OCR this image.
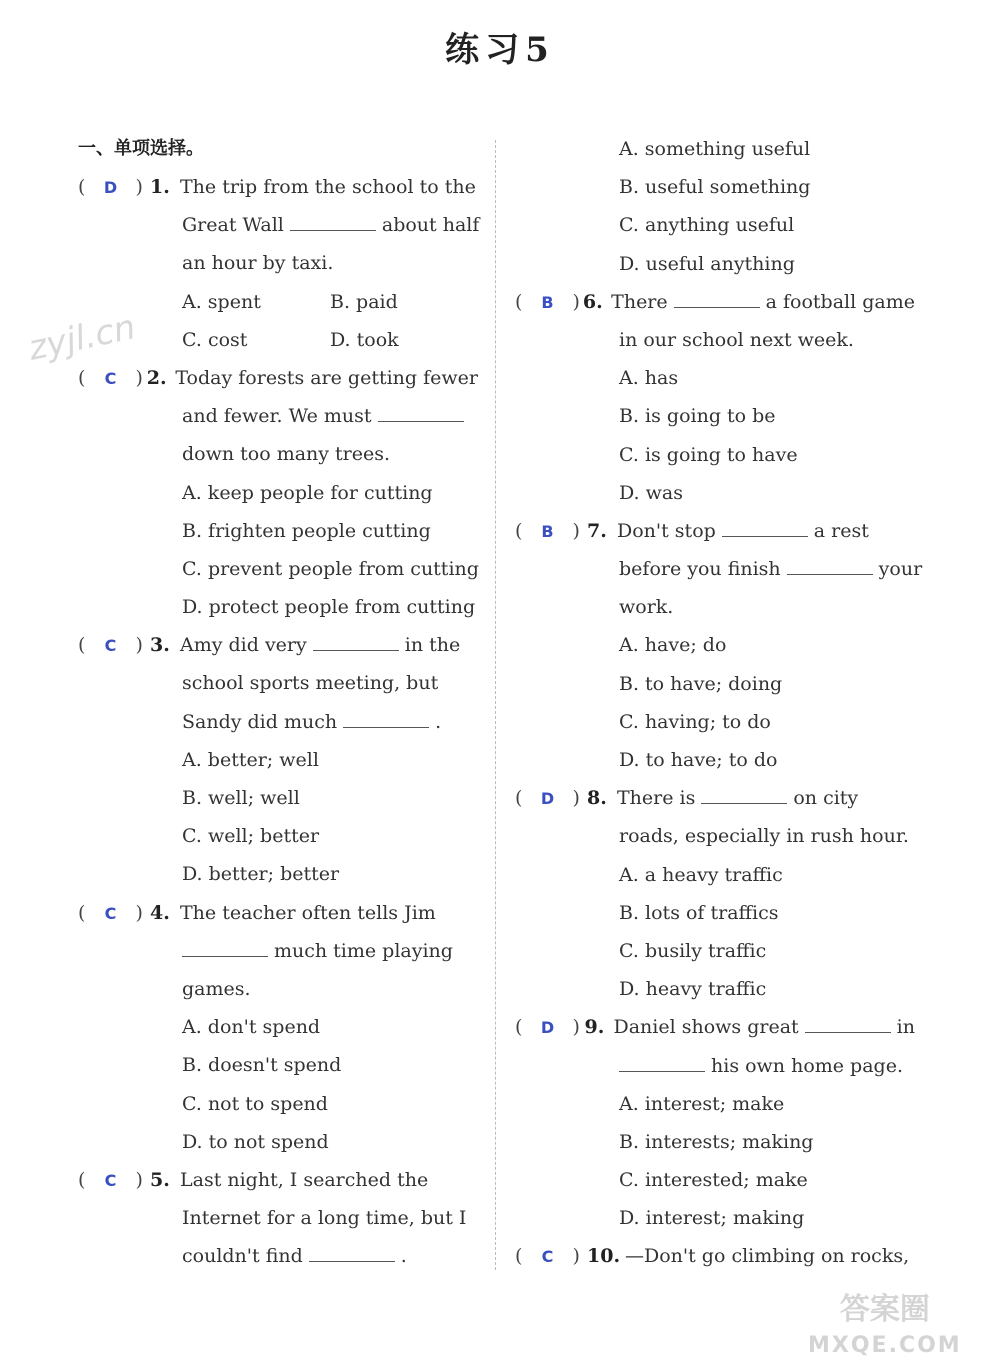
练习5
zyjl.cn
一、单项选择。
( D ) 1. The trip from the school to the
Great Wall	about half
an hour by taxi.
A. spent	B. paid
C. cost	D. took
( C ) 2. Today forests are getting fewer
and fewer. We must
down too many trees.
A. keep people for cutting
B. frighten people cutting
C. prevent people from cutting
D. protect people from cutting
( C ) 3. Amy did very	in the
school sports meeting, but
Sandy did much	.
A. better; well
B. well; well
C. well; better
D. better; better
( C ) 4. The teacher often tells Jim
much time playing
games.
A. don't spend
B. doesn't spend
C. not to spend
D. to not spend
( C ) 5. Last night, I searched the
Internet for a long time, but I
couldn't find	.
A. something useful
B. useful something
C. anything useful
D. useful anything
( B ) 6. There	a football game
in our school next week.
A. has
B. is going to be
C. is going to have
D. was
( B ) 7. Don't stop	a rest
before you finish	your
work.
A. have; do
B. to have; doing
C. having; to do
D. to have; to do
( D ) 8. There is	on city
roads, especially in rush hour.
A. a heavy traffic
B. lots of traffics
C. busily traffic
D. heavy traffic
( D ) 9. Daniel shows great	in
his own home page.
A. interest; make
B. interests; making
C. interested; make
D. interest; making
( C ) 10. —Don't go climbing on rocks,
答案圈
MXQE.COM
